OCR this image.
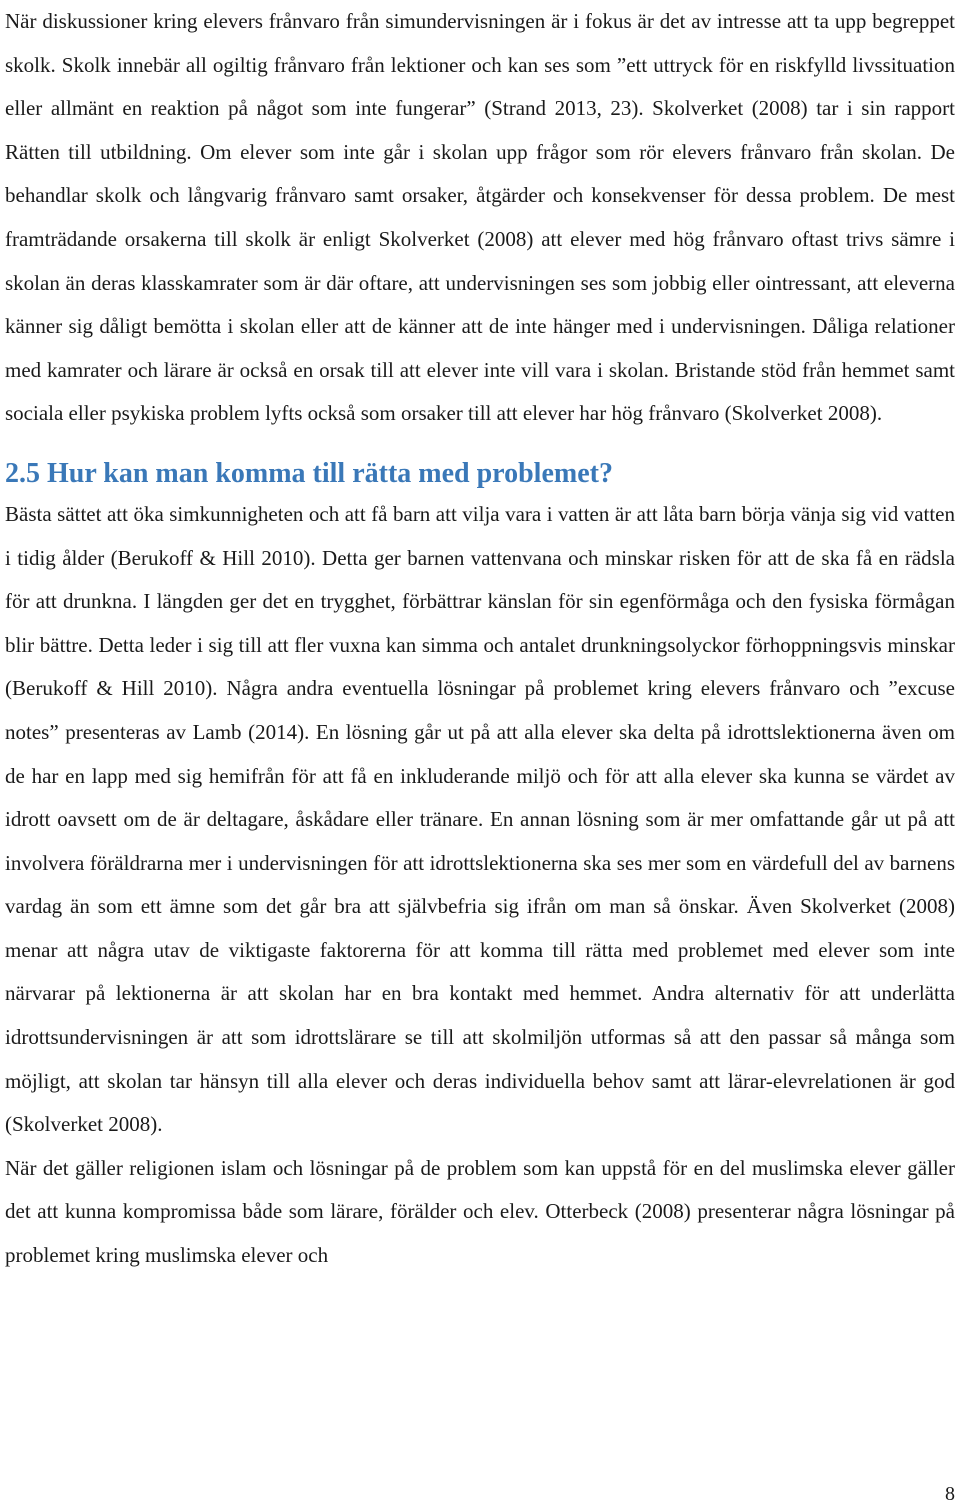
När diskussioner kring elevers frånvaro från simundervisningen är i fokus är det av intresse att ta upp begreppet skolk. Skolk innebär all ogiltig frånvaro från lektioner och kan ses som ”ett uttryck för en riskfylld livssituation eller allmänt en reaktion på något som inte fungerar” (Strand 2013, 23). Skolverket (2008) tar i sin rapport Rätten till utbildning. Om elever som inte går i skolan upp frågor som rör elevers frånvaro från skolan. De behandlar skolk och långvarig frånvaro samt orsaker, åtgärder och konsekvenser för dessa problem. De mest framträdande orsakerna till skolk är enligt Skolverket (2008) att elever med hög frånvaro oftast trivs sämre i skolan än deras klasskamrater som är där oftare, att undervisningen ses som jobbig eller ointressant, att eleverna känner sig dåligt bemötta i skolan eller att de känner att de inte hänger med i undervisningen. Dåliga relationer med kamrater och lärare är också en orsak till att elever inte vill vara i skolan. Bristande stöd från hemmet samt sociala eller psykiska problem lyfts också som orsaker till att elever har hög frånvaro (Skolverket 2008).

2.5 Hur kan man komma till rätta med problemet?

Bästa sättet att öka simkunnigheten och att få barn att vilja vara i vatten är att låta barn börja vänja sig vid vatten i tidig ålder (Berukoff & Hill 2010). Detta ger barnen vattenvana och minskar risken för att de ska få en rädsla för att drunkna. I längden ger det en trygghet, förbättrar känslan för sin egenförmåga och den fysiska förmågan blir bättre. Detta leder i sig till att fler vuxna kan simma och antalet drunkningsolyckor förhoppningsvis minskar (Berukoff & Hill 2010). Några andra eventuella lösningar på problemet kring elevers frånvaro och ”excuse notes” presenteras av Lamb (2014). En lösning går ut på att alla elever ska delta på idrottslektionerna även om de har en lapp med sig hemifrån för att få en inkluderande miljö och för att alla elever ska kunna se värdet av idrott oavsett om de är deltagare, åskådare eller tränare. En annan lösning som är mer omfattande går ut på att involvera föräldrarna mer i undervisningen för att idrottslektionerna ska ses mer som en värdefull del av barnens vardag än som ett ämne som det går bra att självbefria sig ifrån om man så önskar. Även Skolverket (2008) menar att några utav de viktigaste faktorerna för att komma till rätta med problemet med elever som inte närvarar på lektionerna är att skolan har en bra kontakt med hemmet. Andra alternativ för att underlätta idrottsundervisningen är att som idrottslärare se till att skolmiljön utformas så att den passar så många som möjligt, att skolan tar hänsyn till alla elever och deras individuella behov samt att lärar-elevrelationen är god (Skolverket 2008).

När det gäller religionen islam och lösningar på de problem som kan uppstå för en del muslimska elever gäller det att kunna kompromissa både som lärare, förälder och elev. Otterbeck (2008) presenterar några lösningar på problemet kring muslimska elever och

8
